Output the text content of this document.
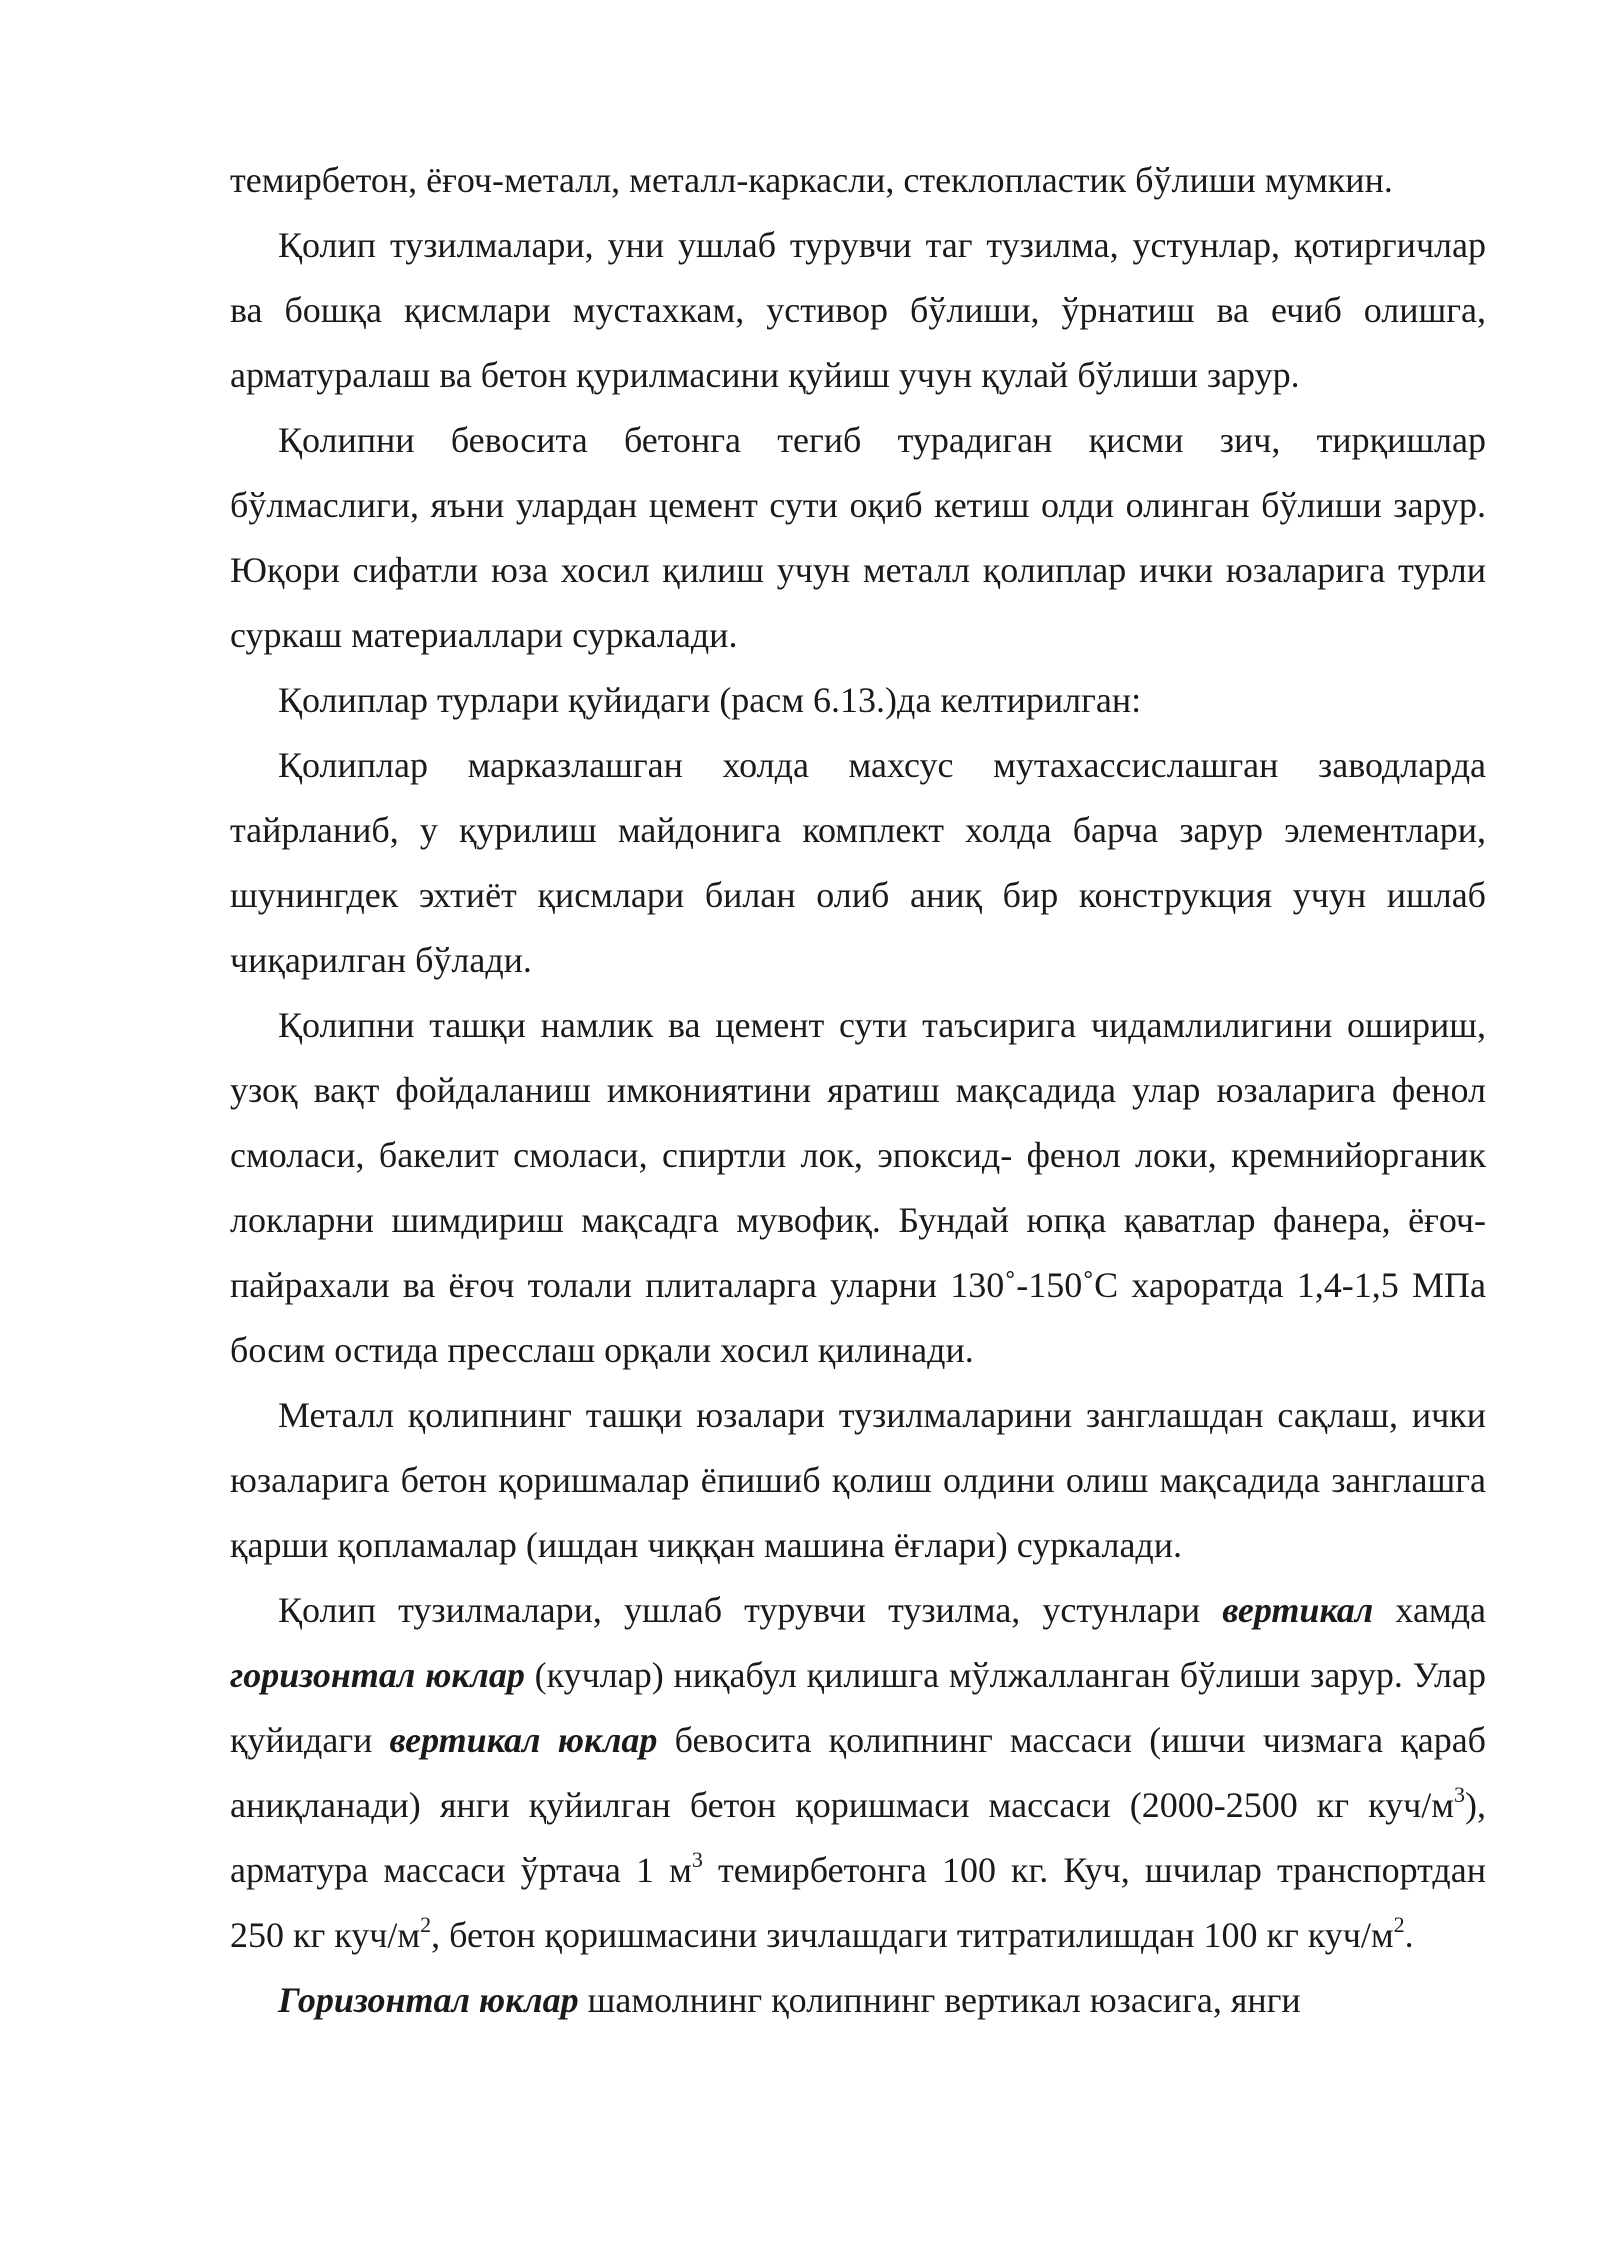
темирбетон, ёғоч-металл, металл-каркасли, стеклопластик бўлиши мумкин.

Қолип тузилмалари, уни ушлаб турувчи таг тузилма, устунлар, қотиргичлар ва бошқа қисмлари мустахкам, устивор бўлиши, ўрнатиш ва ечиб олишга, арматуралаш ва бетон қурилмасини қуйиш учун қулай бўлиши зарур.

Қолипни бевосита бетонга тегиб турадиган қисми зич, тирқишлар бўлмаслиги, яъни улардан цемент сути оқиб кетиш олди олинган бўлиши зарур. Юқори сифатли юза хосил қилиш учун металл қолиплар ички юзаларига турли суркаш материаллари суркалади.

Қолиплар турлари қуйидаги (расм 6.13.)да келтирилган:

Қолиплар марказлашган холда махсус мутахассислашган заводларда тайрланиб, у қурилиш майдонига комплект холда барча зарур элементлари, шунингдек эхтиёт қисмлари билан олиб аниқ бир конструкция учун ишлаб чиқарилган бўлади.

Қолипни ташқи намлик ва цемент сути таъсирига чидамлилигини ошириш, узоқ вақт фойдаланиш имкониятини яратиш мақсадида улар юзаларига фенол смоласи, бакелит смоласи, спиртли лок, эпоксид- фенол локи, кремнийорганик локларни шимдириш мақсадга мувофиқ. Бундай юпқа қаватлар фанера, ёғоч-пайрахали ва ёғоч толали плиталарга уларни 130˚-150˚С хароратда 1,4-1,5 МПа босим остида пресслаш орқали хосил қилинади.

Металл қолипнинг ташқи юзалари тузилмаларини занглашдан сақлаш, ички юзаларига бетон қоришмалар ёпишиб қолиш олдини олиш мақсадида занглашга қарши қопламалар (ишдан чиққан машина ёғлари) суркалади.

Қолип тузилмалари, ушлаб турувчи тузилма, устунлари вертикал хамда горизонтал юклар (кучлар) ниқабул қилишга мўлжалланган бўлиши зарур. Улар қуйидаги вертикал юклар бевосита қолипнинг массаси (ишчи чизмага қараб аниқланади) янги қуйилган бетон қоришмаси массаси (2000-2500 кг куч/$м^3$), арматура массаси ўртача 1 $м^3$ темирбетонга 100 кг. Куч, шчилар транспортдан 250 кг куч/$м^2$, бетон қоришмасини зичлашдаги титратилишдан 100 кг куч/$м^2$.

Горизонтал юклар шамолнинг қолипнинг вертикал юзасига, янги
